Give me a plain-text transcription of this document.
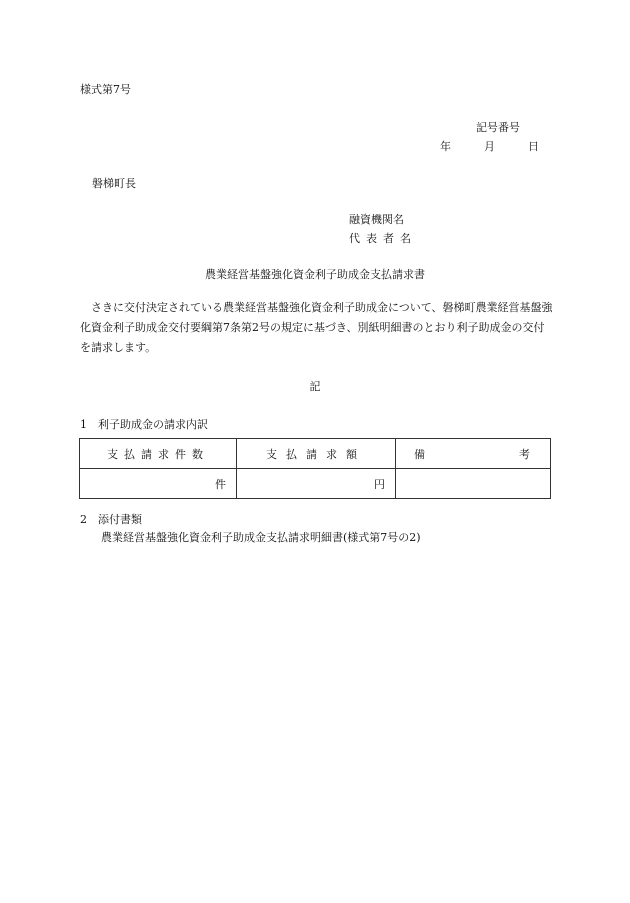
様式第7号
記号番号
年	月	日
磐梯町長
融資機関名
代表者名
農業経営基盤強化資金利子助成金支払請求書
さきに交付決定されている農業経営基盤強化資金利子助成金について、磐梯町農業経営基盤強化資金利子助成金交付要綱第7条第2号の規定に基づき、別紙明細書のとおり利子助成金の交付を請求します。
記
1　利子助成金の請求内訳
支払請求件数	支払請求額	備 考

件	円	
2　添付書類
農業経営基盤強化資金利子助成金支払請求明細書(様式第7号の2)
